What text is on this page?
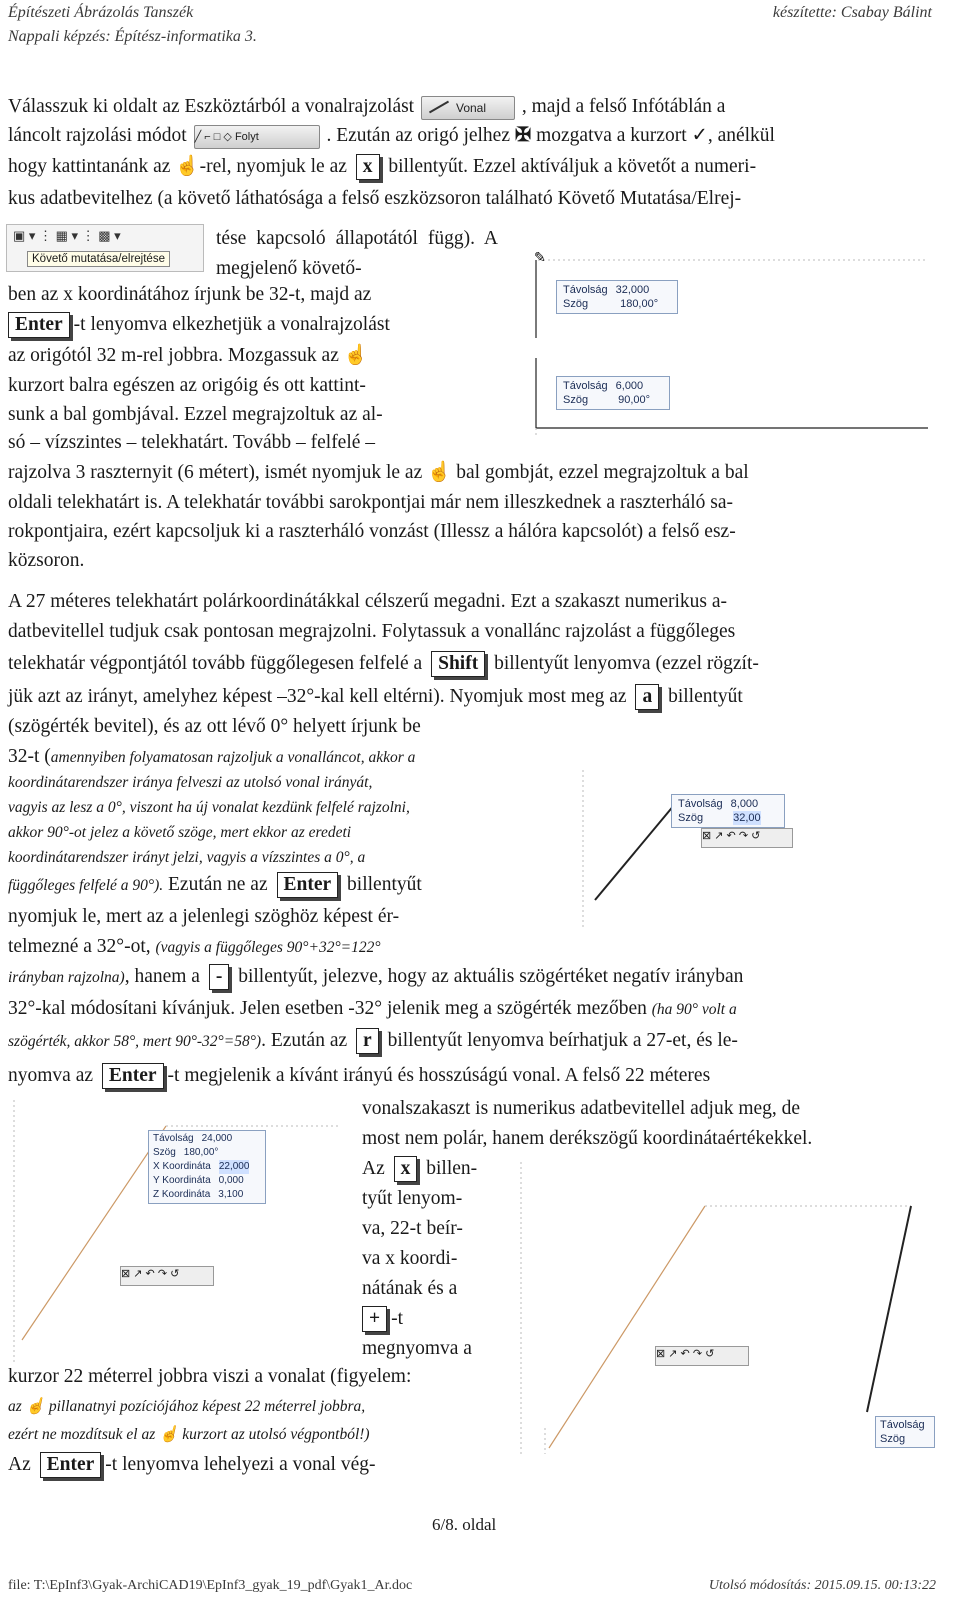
Építészeti Ábrázolás Tanszék	készítette: Csabay Bálint
Nappali képzés: Építész-informatika 3.
Válasszuk ki oldalt az Eszköztárból a vonalrajzolást	Vonal , majd a felső Infótáblán a
láncolt rajzolási módot ╱ ⌐ □ ◇ Folyt	. Ezután az origó jelhez ✠ mozgatva a kurzort ✓, anélkül
hogy kattintanánk az ☝-rel, nyomjuk le az x billentyűt. Ezzel aktíváljuk a követőt a numeri-
kus adatbevitelhez (a követő láthatósága a felső eszközsoron található Követő Mutatása/Elrej-
▣ ▾ ⋮ ▦ ▾ ⋮ ▩ ▾
Követő mutatása/elrejtése
tése kapcsoló állapotától függ). A megjelenő követő-
ben az x koordinátához írjunk be 32-t, majd az
Enter -t lenyomva elkezhetjük a vonalrajzolást
az origótól 32 m-rel jobbra. Mozgassuk az ☝
kurzort balra egészen az origóig és ott kattint-
sunk a bal gombjával. Ezzel megrajzoltuk az al-
só – vízszintes – telekhatárt. Tovább – felfelé –
✎
Távolság 32,000
Szög	180,00°
Távolság 6,000
Szög	90,00°
rajzolva 3 raszternyit (6 métert), ismét nyomjuk le az ☝ bal gombját, ezzel megrajzoltuk a bal
oldali telekhatárt is. A telekhatár további sarokpontjai már nem illeszkednek a raszterháló sa-
rokpontjaira, ezért kapcsoljuk ki a raszterháló vonzást (Illessz a hálóra kapcsolót) a felső esz-
közsoron.
A 27 méteres telekhatárt polárkoordinátákkal célszerű megadni. Ezt a szakaszt numerikus a-
datbevitellel tudjuk csak pontosan megrajzolni. Folytassuk a vonallánc rajzolást a függőleges
telekhatár végpontjától tovább függőlegesen felfelé a Shift billentyűt lenyomva (ezzel rögzít-
jük azt az irányt, amelyhez képest –32°-kal kell eltérni). Nyomjuk most meg az a billentyűt
(szögérték bevitel), és az ott lévő 0° helyett írjunk be
32-t (amennyiben folyamatosan rajzoljuk a vonalláncot, akkor a
koordinátarendszer iránya felveszi az utolsó vonal irányát,
vagyis az lesz a 0°, viszont ha új vonalat kezdünk felfelé rajzolni,
akkor 90°-ot jelez a követő szöge, mert ekkor az eredeti
koordinátarendszer irányt jelzi, vagyis a vízszintes a 0°, a
függőleges felfelé a 90°). Ezután ne az Enter billentyűt
nyomjuk le, mert az a jelenlegi szöghöz képest ér-
telmezné a 32°-ot, (vagyis a függőleges 90°+32°=122°
Távolság 8,000
Szög	32,00
⊠ ↗ ↶ ↷ ↺
irányban rajzolna), hanem a - billentyűt, jelezve, hogy az aktuális szögértéket negatív irányban
32°-kal módosítani kívánjuk. Jelen esetben -32° jelenik meg a szögérték mezőben (ha 90° volt a
szögérték, akkor 58°, mert 90°-32°=58°). Ezután az r billentyűt lenyomva beírhatjuk a 27-et, és le-
nyomva az Enter -t megjelenik a kívánt irányú és hosszúságú vonal. A felső 22 méteres
Távolság 24,000
Szög 180,00°
X Koordináta 22,000
Y Koordináta 0,000
Z Koordináta 3,100
⊠ ↗ ↶ ↷ ↺
vonalszakaszt is numerikus adatbevitellel adjuk meg, de
most nem polár, hanem derékszögű koordinátaértékekkel.
Az x billen-
tyűt lenyom-
va, 22-t beír-
va x koordi-
nátának és a
+ -t
megnyomva a	⊠ ↗ ↶ ↷ ↺
Távolság
Szög
kurzor 22 méterrel jobbra viszi a vonalat (figyelem:
az ☝ pillanatnyi pozíciójához képest 22 méterrel jobbra,
ezért ne mozdítsuk el az ☝ kurzort az utolsó végpontból!)
Az Enter -t lenyomva lehelyezi a vonal vég-
6/8. oldal
file: T:\EpInf3\Gyak-ArchiCAD19\EpInf3_gyak_19_pdf\Gyak1_Ar.doc	Utolsó módosítás: 2015.09.15. 00:13:22
